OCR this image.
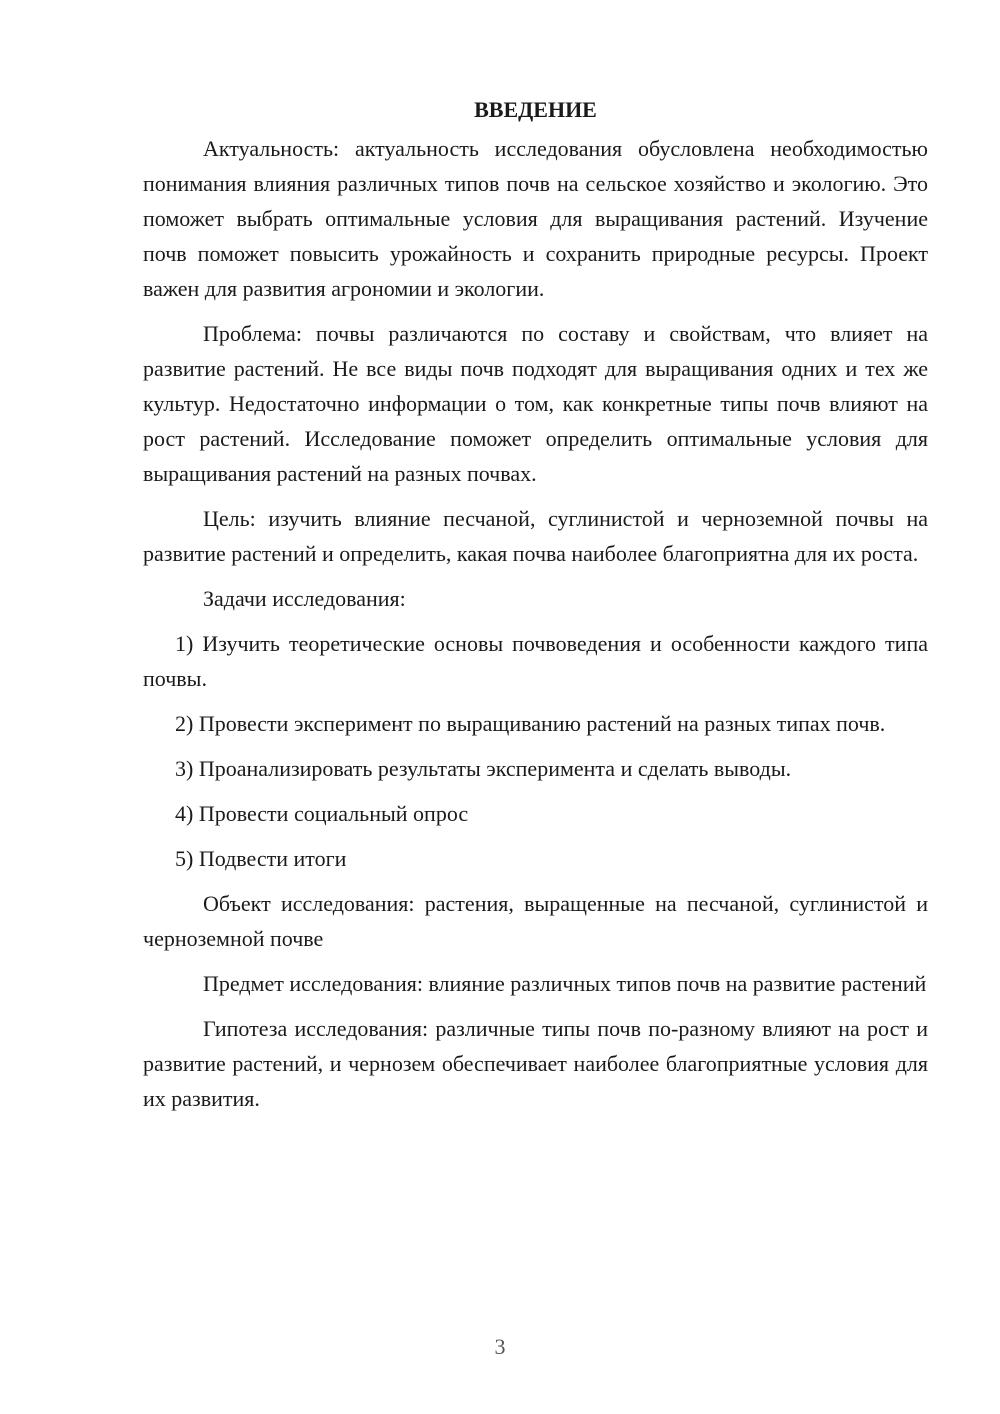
ВВЕДЕНИЕ

Актуальность: актуальность исследования обусловлена необходимостью понимания влияния различных типов почв на сельское хозяйство и экологию. Это поможет выбрать оптимальные условия для выращивания растений. Изучение почв поможет повысить урожайность и сохранить природные ресурсы. Проект важен для развития агрономии и экологии.

Проблема: почвы различаются по составу и свойствам, что влияет на развитие растений. Не все виды почв подходят для выращивания одних и тех же культур. Недостаточно информации о том, как конкретные типы почв влияют на рост растений. Исследование поможет определить оптимальные условия для выращивания растений на разных почвах.

Цель: изучить влияние песчаной, суглинистой и черноземной почвы на развитие растений и определить, какая почва наиболее благоприятна для их роста.

Задачи исследования:

1) Изучить теоретические основы почвоведения и особенности каждого типа почвы.

2) Провести эксперимент по выращиванию растений на разных типах почв.

3) Проанализировать результаты эксперимента и сделать выводы.

4) Провести социальный опрос

5) Подвести итоги

Объект исследования: растения, выращенные на песчаной, суглинистой и черноземной почве

Предмет исследования: влияние различных типов почв на развитие растений

Гипотеза исследования: различные типы почв по-разному влияют на рост и развитие растений, и чернозем обеспечивает наиболее благоприятные условия для их развития.

3
